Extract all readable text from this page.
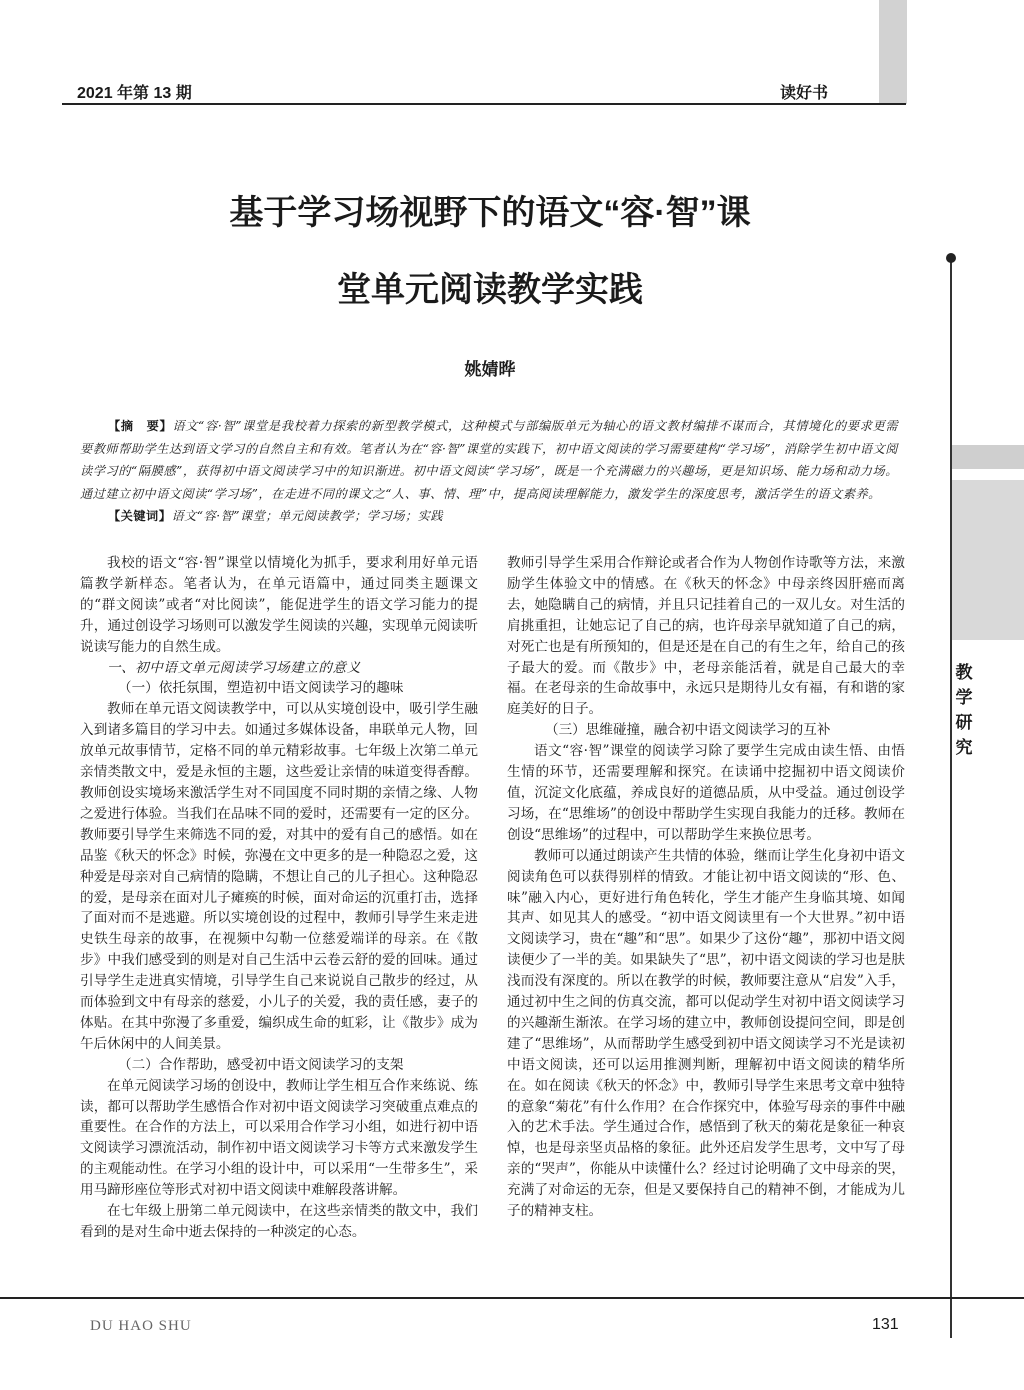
教学研究
2021 年第 13 期	读好书
基于学习场视野下的语文“容·智”课
堂单元阅读教学实践
姚婧晔

【摘　要】语文“容·智”课堂是我校着力探索的新型教学模式，这种模式与部编版单元为轴心的语文教材编排不谋而合，其情境化的要求更需要教师帮助学生达到语文学习的自然自主和有效。笔者认为在“容·智”课堂的实践下，初中语文阅读的学习需要建构“学习场”，消除学生初中语文阅读学习的“隔膜感”，获得初中语文阅读学习中的知识渐进。初中语文阅读“学习场”，既是一个充满磁力的兴趣场，更是知识场、能力场和动力场。通过建立初中语文阅读“学习场”，在走进不同的课文之“人、事、情、理”中，提高阅读理解能力，激发学生的深度思考，激活学生的语文素养。

【关键词】语文“容·智”课堂；单元阅读教学；学习场；实践

我校的语文“容·智”课堂以情境化为抓手，要求利用好单元语篇教学新样态。笔者认为，在单元语篇中，通过同类主题课文的“群文阅读”或者“对比阅读”，能促进学生的语文学习能力的提升，通过创设学习场则可以激发学生阅读的兴趣，实现单元阅读听说读写能力的自然生成。

一、初中语文单元阅读学习场建立的意义

（一）依托氛围，塑造初中语文阅读学习的趣味

教师在单元语文阅读教学中，可以从实境创设中，吸引学生融入到诸多篇目的学习中去。如通过多媒体设备，串联单元人物，回放单元故事情节，定格不同的单元精彩故事。七年级上次第二单元亲情类散文中，爱是永恒的主题，这些爱让亲情的味道变得香醇。教师创设实境场来激活学生对不同国度不同时期的亲情之缘、人物之爱进行体验。当我们在品味不同的爱时，还需要有一定的区分。教师要引导学生来筛选不同的爱，对其中的爱有自己的感悟。如在品鉴《秋天的怀念》时候，弥漫在文中更多的是一种隐忍之爱，这种爱是母亲对自己病情的隐瞒，不想让自己的儿子担心。这种隐忍的爱，是母亲在面对儿子瘫痪的时候，面对命运的沉重打击，选择了面对而不是逃避。所以实境创设的过程中，教师引导学生来走进史铁生母亲的故事，在视频中勾勒一位慈爱端详的母亲。在《散步》中我们感受到的则是对自己生活中云卷云舒的爱的回味。通过引导学生走进真实情境，引导学生自己来说说自己散步的经过，从而体验到文中有母亲的慈爱，小儿子的关爱，我的责任感，妻子的体贴。在其中弥漫了多重爱，编织成生命的虹彩，让《散步》成为午后休闲中的人间美景。

（二）合作帮助，感受初中语文阅读学习的支架

在单元阅读学习场的创设中，教师让学生相互合作来练说、练读，都可以帮助学生感悟合作对初中语文阅读学习突破重点难点的重要性。在合作的方法上，可以采用合作学习小组，如进行初中语文阅读学习漂流活动，制作初中语文阅读学习卡等方式来激发学生的主观能动性。在学习小组的设计中，可以采用“一生带多生”，采用马蹄形座位等形式对初中语文阅读中难解段落讲解。

在七年级上册第二单元阅读中，在这些亲情类的散文中，我们看到的是对生命中逝去保持的一种淡定的心态。

教师引导学生采用合作辩论或者合作为人物创作诗歌等方法，来激励学生体验文中的情感。在《秋天的怀念》中母亲终因肝癌而离去，她隐瞒自己的病情，并且只记挂着自己的一双儿女。对生活的肩挑重担，让她忘记了自己的病，也许母亲早就知道了自己的病，对死亡也是有所预知的，但是还是在自己的有生之年，给自己的孩子最大的爱。而《散步》中，老母亲能活着，就是自己最大的幸福。在老母亲的生命故事中，永远只是期待儿女有福，有和谐的家庭美好的日子。

（三）思维碰撞，融合初中语文阅读学习的互补

语文“容·智”课堂的阅读学习除了要学生完成由读生悟、由悟生情的环节，还需要理解和探究。在读诵中挖掘初中语文阅读价值，沉淀文化底蕴，养成良好的道德品质，从中受益。通过创设学习场，在“思维场”的创设中帮助学生实现自我能力的迁移。教师在创设“思维场”的过程中，可以帮助学生来换位思考。

教师可以通过朗读产生共情的体验，继而让学生化身初中语文阅读角色可以获得别样的情致。才能让初中语文阅读的“形、色、味”融入内心，更好进行角色转化，学生才能产生身临其境、如闻其声、如见其人的感受。“初中语文阅读里有一个大世界。”初中语文阅读学习，贵在“趣”和“思”。如果少了这份“趣”，那初中语文阅读便少了一半的美。如果缺失了“思”，初中语文阅读的学习也是肤浅而没有深度的。所以在教学的时候，教师要注意从“启发”入手，通过初中生之间的仿真交流，都可以促动学生对初中语文阅读学习的兴趣渐生渐浓。在学习场的建立中，教师创设提问空间，即是创建了“思维场”，从而帮助学生感受到初中语文阅读学习不光是读初中语文阅读，还可以运用推测判断，理解初中语文阅读的精华所在。如在阅读《秋天的怀念》中，教师引导学生来思考文章中独特的意象“菊花”有什么作用？在合作探究中，体验写母亲的事件中融入的艺术手法。学生通过合作，感悟到了秋天的菊花是象征一种哀悼，也是母亲坚贞品格的象征。此外还启发学生思考，文中写了母亲的“哭声”，你能从中读懂什么？经过讨论明确了文中母亲的哭，充满了对命运的无奈，但是又要保持自己的精神不倒，才能成为儿子的精神支柱。

DU HAO SHU	131
